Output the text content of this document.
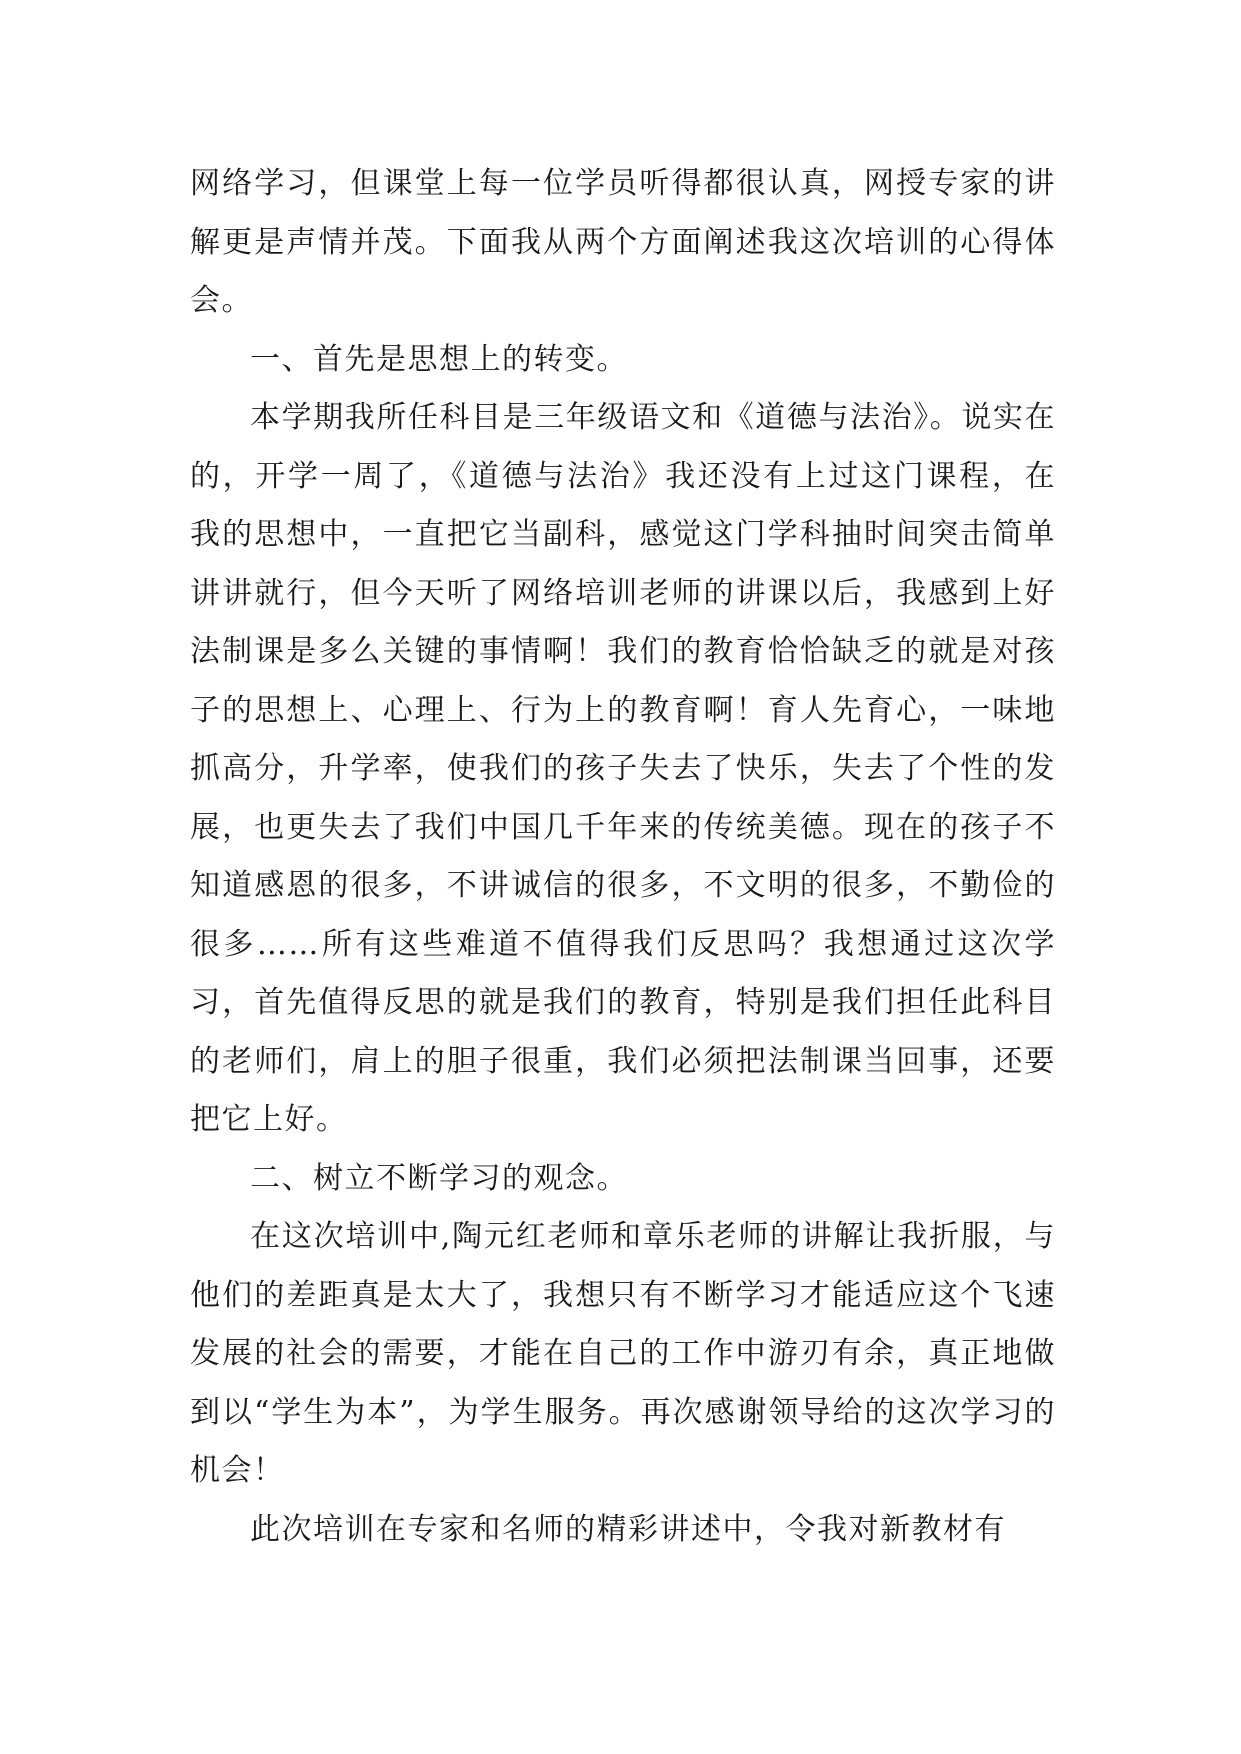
网络学习，但课堂上每一位学员听得都很认真，网授专家的讲解更是声情并茂。下面我从两个方面阐述我这次培训的心得体会。

一、首先是思想上的转变。

本学期我所任科目是三年级语文和《道德与法治》。说实在的，开学一周了，《道德与法治》我还没有上过这门课程，在我的思想中，一直把它当副科，感觉这门学科抽时间突击简单讲讲就行，但今天听了网络培训老师的讲课以后，我感到上好法制课是多么关键的事情啊！我们的教育恰恰缺乏的就是对孩子的思想上、心理上、行为上的教育啊！育人先育心，一味地抓高分，升学率，使我们的孩子失去了快乐，失去了个性的发展，也更失去了我们中国几千年来的传统美德。现在的孩子不知道感恩的很多，不讲诚信的很多，不文明的很多，不勤俭的很多……所有这些难道不值得我们反思吗？我想通过这次学习，首先值得反思的就是我们的教育，特别是我们担任此科目的老师们，肩上的胆子很重，我们必须把法制课当回事，还要把它上好。

二、树立不断学习的观念。

在这次培训中,陶元红老师和章乐老师的讲解让我折服，与他们的差距真是太大了，我想只有不断学习才能适应这个飞速发展的社会的需要，才能在自己的工作中游刃有余，真正地做到以“学生为本”，为学生服务。再次感谢领导给的这次学习的机会！

此次培训在专家和名师的精彩讲述中，令我对新教材有
